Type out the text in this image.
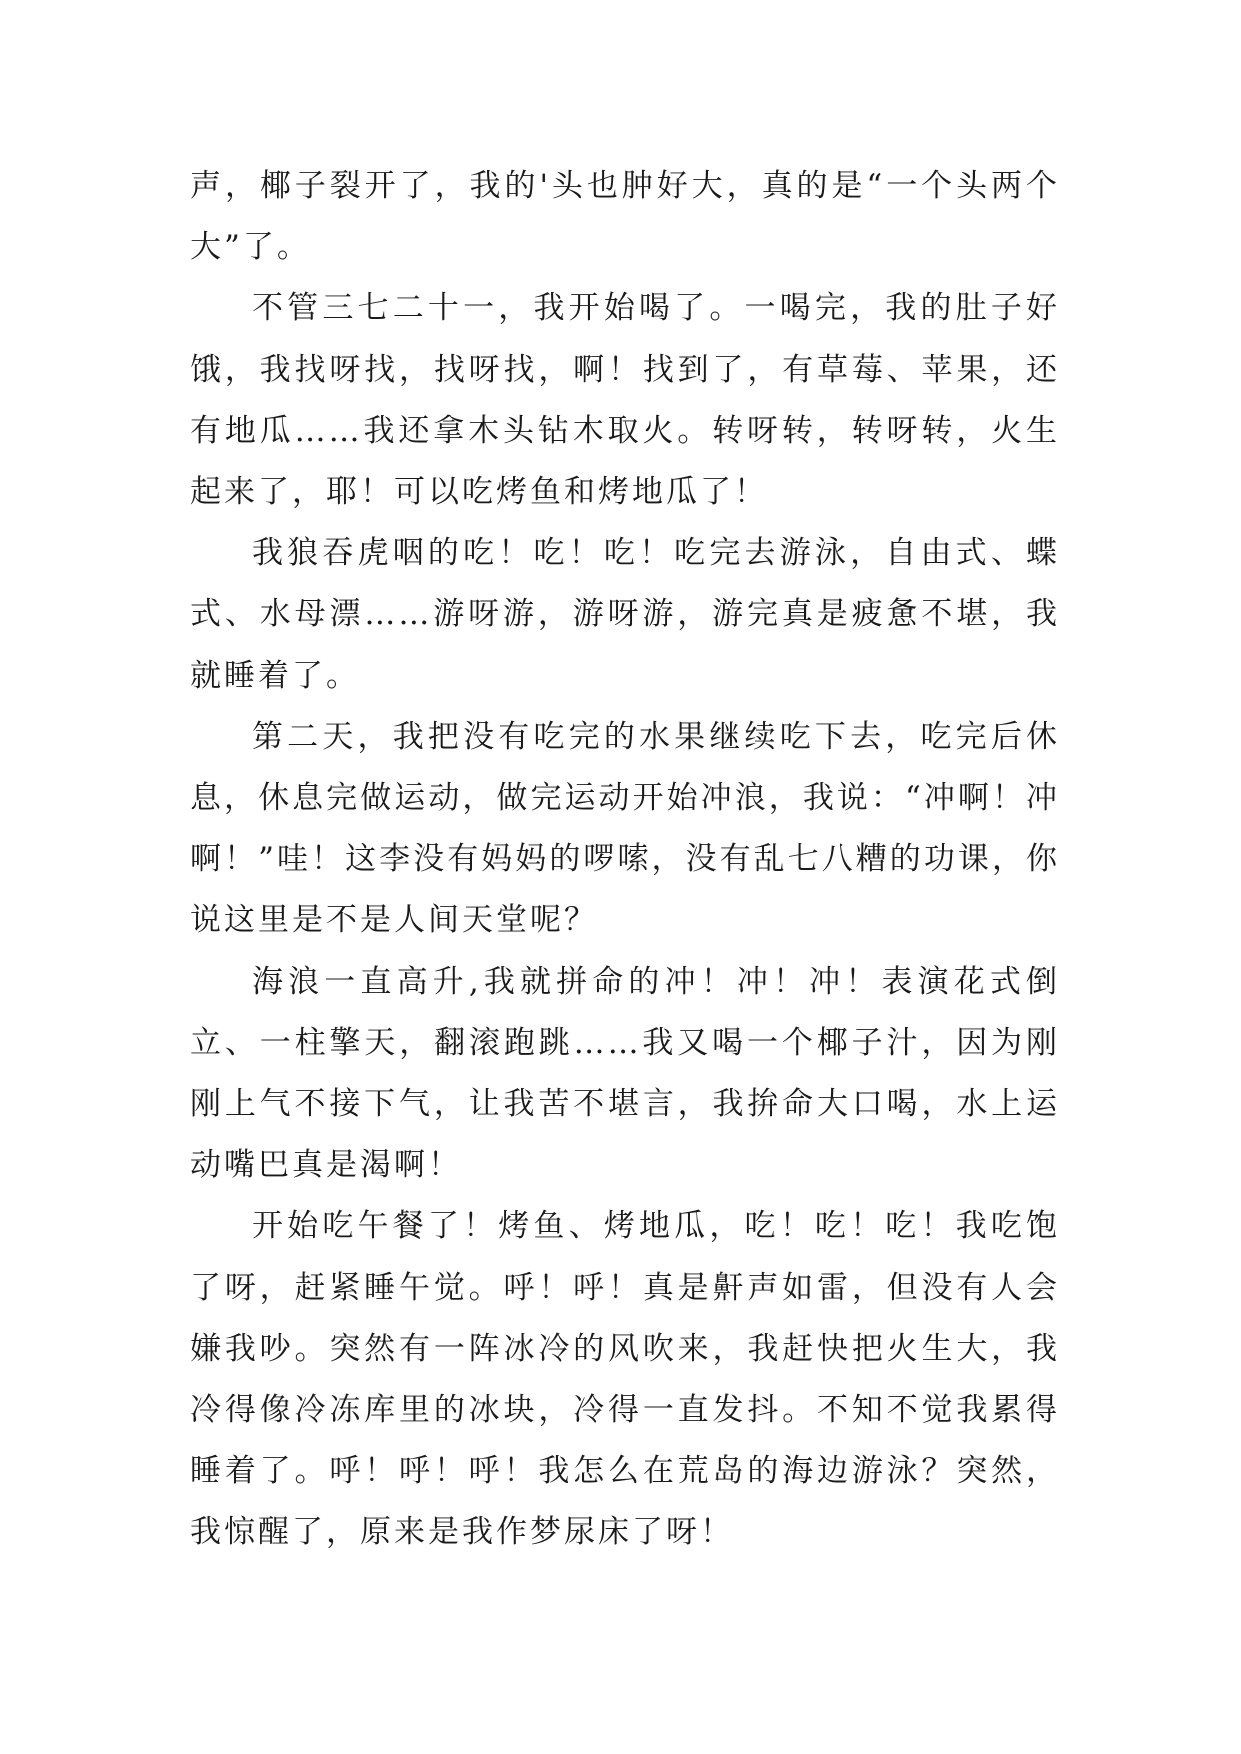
声，椰子裂开了，我的'头也肿好大，真的是“一个头两个大”了。

不管三七二十一，我开始喝了。一喝完，我的肚子好饿，我找呀找，找呀找，啊！找到了，有草莓、苹果，还有地瓜……我还拿木头钻木取火。转呀转，转呀转，火生起来了，耶！可以吃烤鱼和烤地瓜了！

我狼吞虎咽的吃！吃！吃！吃完去游泳，自由式、蝶式、水母漂……游呀游，游呀游，游完真是疲惫不堪，我就睡着了。

第二天，我把没有吃完的水果继续吃下去，吃完后休息，休息完做运动，做完运动开始冲浪，我说：“冲啊！冲啊！”哇！这李没有妈妈的啰嗦，没有乱七八糟的功课，你说这里是不是人间天堂呢？

海浪一直高升,我就拼命的冲！冲！冲！表演花式倒立、一柱擎天，翻滚跑跳……我又喝一个椰子汁，因为刚刚上气不接下气，让我苦不堪言，我拚命大口喝，水上运动嘴巴真是渴啊！

开始吃午餐了！烤鱼、烤地瓜，吃！吃！吃！我吃饱了呀，赶紧睡午觉。呼！呼！真是鼾声如雷，但没有人会嫌我吵。突然有一阵冰冷的风吹来，我赶快把火生大，我冷得像冷冻库里的冰块，冷得一直发抖。不知不觉我累得睡着了。呼！呼！呼！我怎么在荒岛的海边游泳？突然，我惊醒了，原来是我作梦尿床了呀！
